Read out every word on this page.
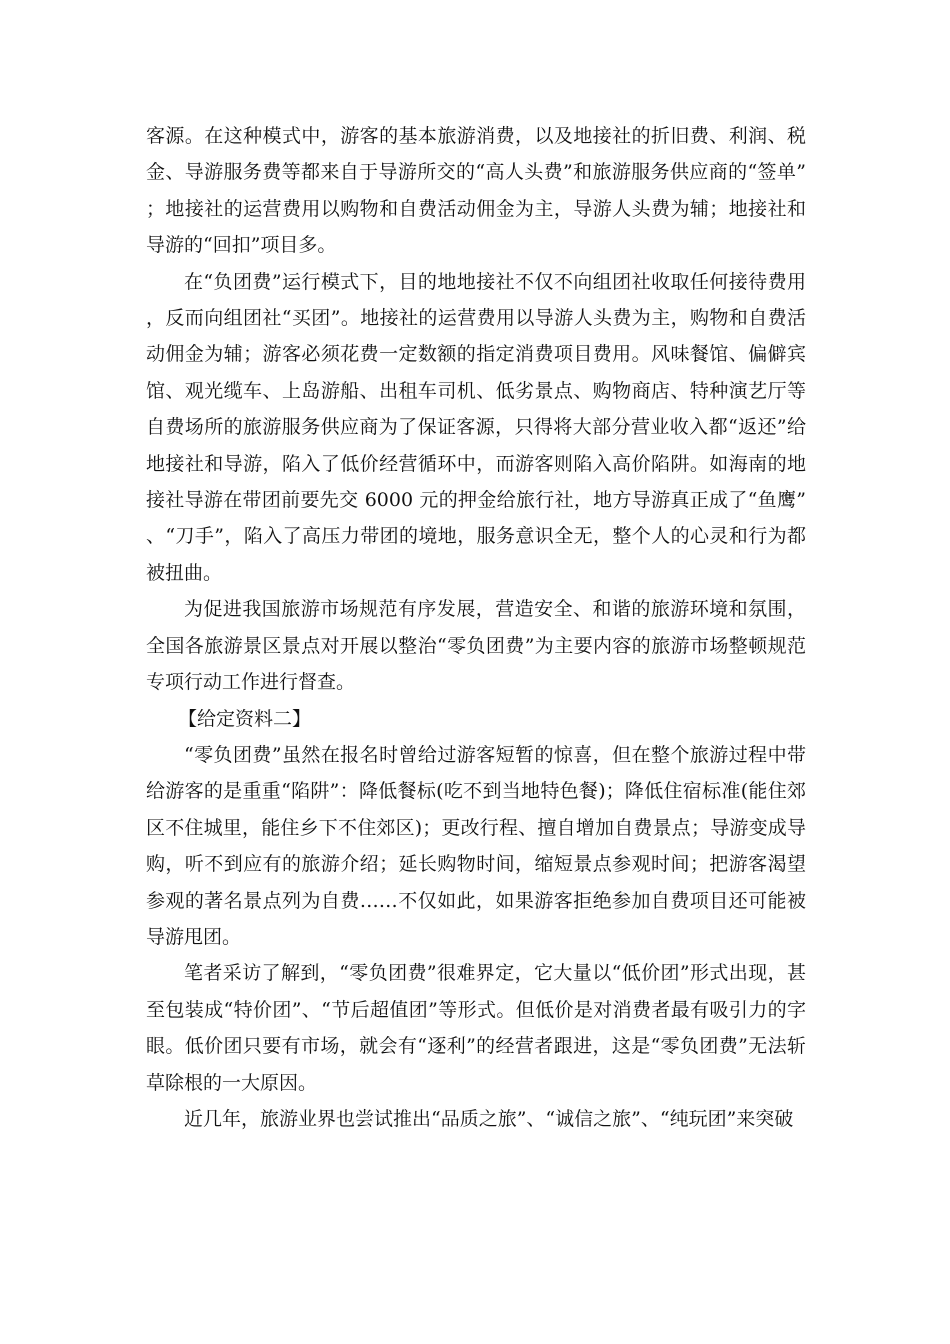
客源。在这种模式中，游客的基本旅游消费，以及地接社的折旧费、利润、税金、导游服务费等都来自于导游所交的“高人头费”和旅游服务供应商的“签单”；地接社的运营费用以购物和自费活动佣金为主，导游人头费为辅；地接社和导游的“回扣”项目多。

在“负团费”运行模式下，目的地地接社不仅不向组团社收取任何接待费用，反而向组团社“买团”。地接社的运营费用以导游人头费为主，购物和自费活动佣金为辅；游客必须花费一定数额的指定消费项目费用。风味餐馆、偏僻宾馆、观光缆车、上岛游船、出租车司机、低劣景点、购物商店、特种演艺厅等自费场所的旅游服务供应商为了保证客源，只得将大部分营业收入都“返还”给地接社和导游，陷入了低价经营循环中，而游客则陷入高价陷阱。如海南的地接社导游在带团前要先交 6000 元的押金给旅行社，地方导游真正成了“鱼鹰”、“刀手”，陷入了高压力带团的境地，服务意识全无，整个人的心灵和行为都被扭曲。

为促进我国旅游市场规范有序发展，营造安全、和谐的旅游环境和氛围，全国各旅游景区景点对开展以整治“零负团费”为主要内容的旅游市场整顿规范专项行动工作进行督查。

【给定资料二】

“零负团费”虽然在报名时曾给过游客短暂的惊喜，但在整个旅游过程中带给游客的是重重“陷阱”：降低餐标(吃不到当地特色餐)；降低住宿标准(能住郊区不住城里，能住乡下不住郊区)；更改行程、擅自增加自费景点；导游变成导购，听不到应有的旅游介绍；延长购物时间，缩短景点参观时间；把游客渴望参观的著名景点列为自费……不仅如此，如果游客拒绝参加自费项目还可能被导游甩团。

笔者采访了解到，“零负团费”很难界定，它大量以“低价团”形式出现，甚至包装成“特价团”、“节后超值团”等形式。但低价是对消费者最有吸引力的字眼。低价团只要有市场，就会有“逐利”的经营者跟进，这是“零负团费”无法斩草除根的一大原因。

近几年，旅游业界也尝试推出“品质之旅”、“诚信之旅”、“纯玩团”来突破
